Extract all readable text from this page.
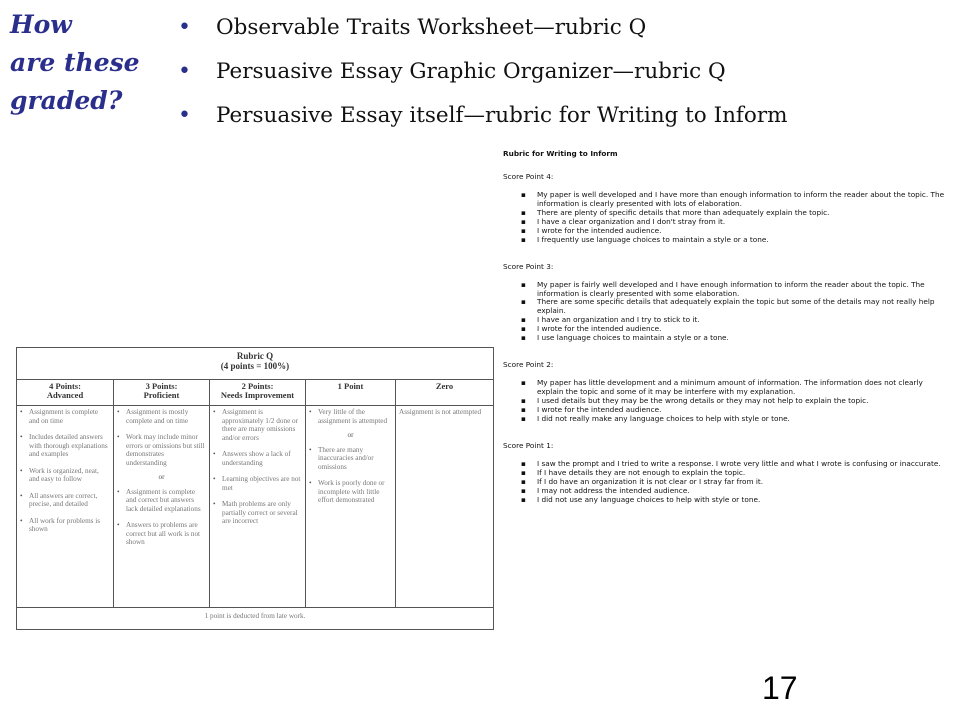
How
are these
graded?
• Observable Traits Worksheet—rubric Q
• Persuasive Essay Graphic Organizer—rubric Q
• Persuasive Essay itself—rubric for Writing to Inform
Rubric Q
(4 points = 100%)
4 Points:
Advanced
3 Points:
Proficient
2 Points:
Needs Improvement
1 Point	Zero
• Assignment is complete and on time
• Includes detailed answers with thorough explanations and examples
• Work is organized, neat, and easy to follow
• All answers are correct, precise, and detailed
• All work for problems is shown
• Assignment is mostly complete and on time
• Work may include minor errors or omissions but still demonstrates understanding
or
• Assignment is complete and correct but answers lack detailed explanations
• Answers to problems are correct but all work is not shown
• Assignment is approximately 1/2 done or there are many omissions and/or errors
• Answers show a lack of understanding
• Learning objectives are not met
• Math problems are only partially correct or several are incorrect
• Very little of the assignment is attempted
or
• There are many inaccuracies and/or omissions
• Work is poorly done or incomplete with little effort demonstrated
Assignment is not attempted
1 point is deducted from late work.
Rubric for Writing to Inform
Score Point 4:
▪ My paper is well developed and I have more than enough information to inform the reader about the topic. The information is clearly presented with lots of elaboration.
▪ There are plenty of specific details that more than adequately explain the topic.
▪ I have a clear organization and I don't stray from it.
▪ I wrote for the intended audience.
▪ I frequently use language choices to maintain a style or a tone.
Score Point 3:
▪ My paper is fairly well developed and I have enough information to inform the reader about the topic. The information is clearly presented with some elaboration.
▪ There are some specific details that adequately explain the topic but some of the details may not really help explain.
▪ I have an organization and I try to stick to it.
▪ I wrote for the intended audience.
▪ I use language choices to maintain a style or a tone.
Score Point 2:
▪ My paper has little development and a minimum amount of information. The information does not clearly explain the topic and some of it may be interfere with my explanation.
▪ I used details but they may be the wrong details or they may not help to explain the topic.
▪ I wrote for the intended audience.
▪ I did not really make any language choices to help with style or tone.
Score Point 1:
▪ I saw the prompt and I tried to write a response. I wrote very little and what I wrote is confusing or inaccurate.
▪ If I have details they are not enough to explain the topic.
▪ If I do have an organization it is not clear or I stray far from it.
▪ I may not address the intended audience.
▪ I did not use any language choices to help with style or tone.
17
